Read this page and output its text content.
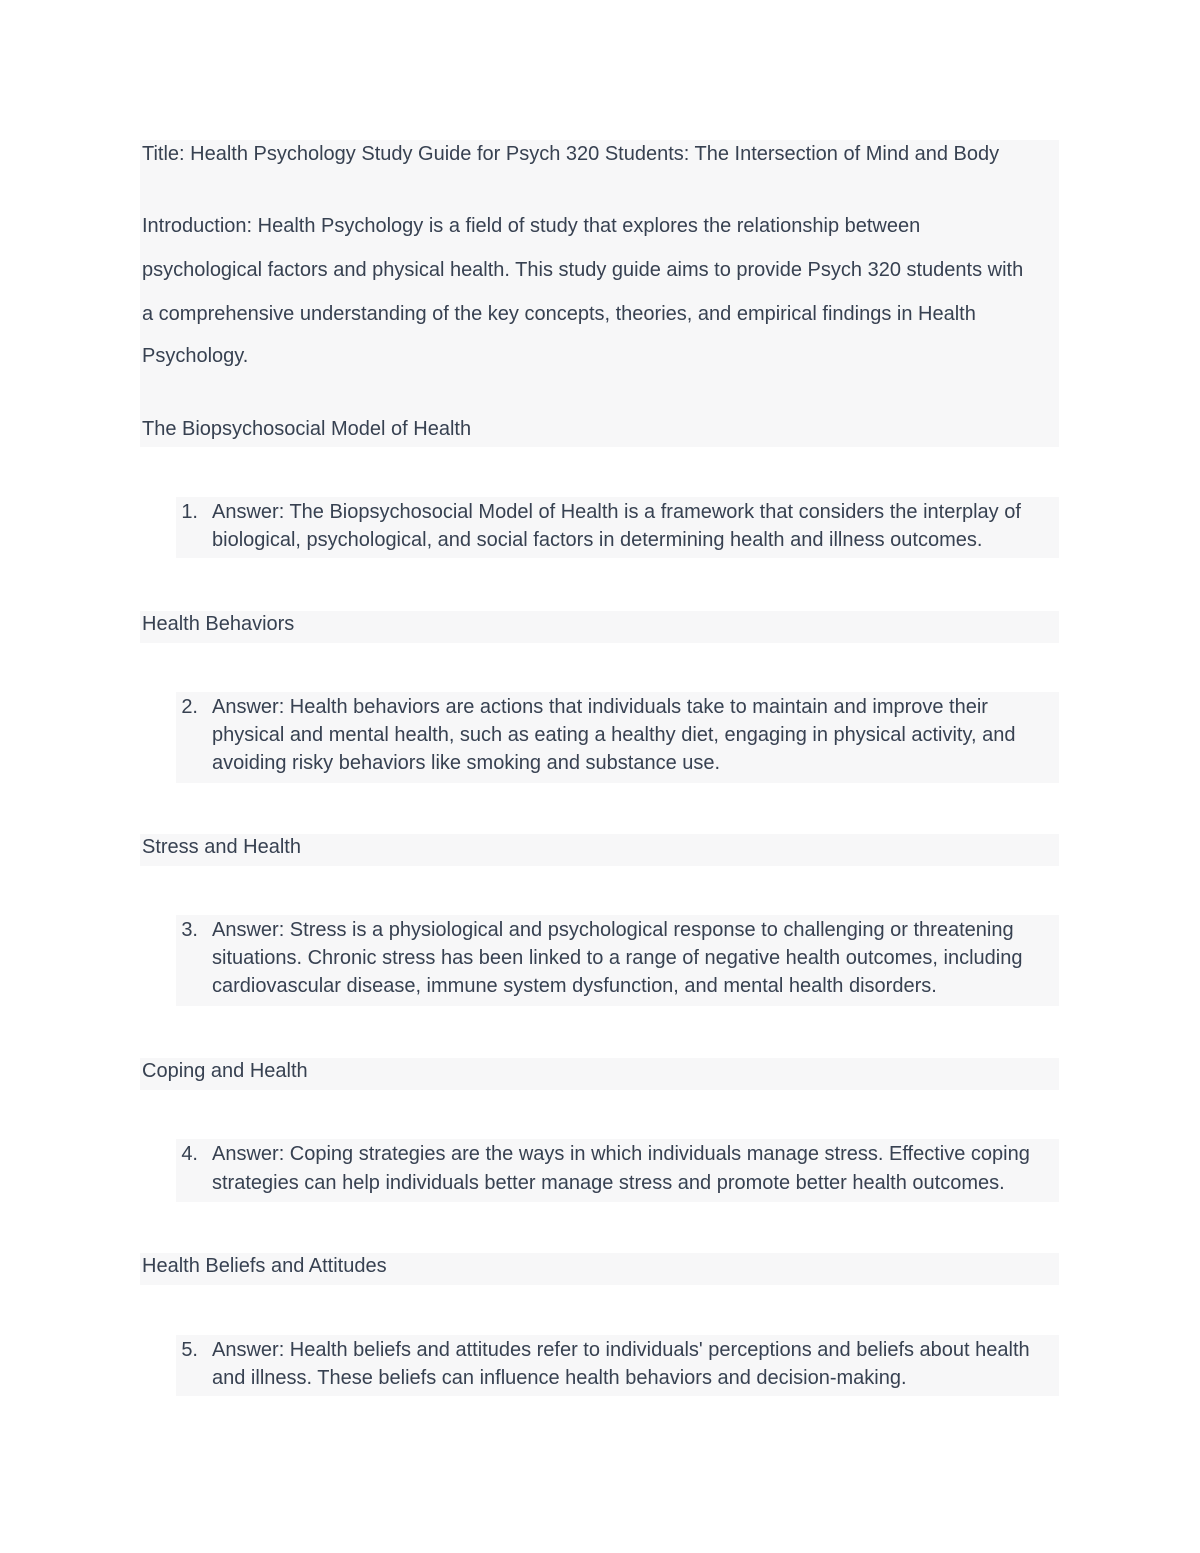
Title: Health Psychology Study Guide for Psych 320 Students: The Intersection of Mind and Body
Introduction: Health Psychology is a field of study that explores the relationship between
psychological factors and physical health. This study guide aims to provide Psych 320 students with
a comprehensive understanding of the key concepts, theories, and empirical findings in Health
Psychology.
The Biopsychosocial Model of Health
1. Answer: The Biopsychosocial Model of Health is a framework that considers the interplay of
biological, psychological, and social factors in determining health and illness outcomes.
Health Behaviors
2. Answer: Health behaviors are actions that individuals take to maintain and improve their
physical and mental health, such as eating a healthy diet, engaging in physical activity, and
avoiding risky behaviors like smoking and substance use.
Stress and Health
3. Answer: Stress is a physiological and psychological response to challenging or threatening
situations. Chronic stress has been linked to a range of negative health outcomes, including
cardiovascular disease, immune system dysfunction, and mental health disorders.
Coping and Health
4. Answer: Coping strategies are the ways in which individuals manage stress. Effective coping
strategies can help individuals better manage stress and promote better health outcomes.
Health Beliefs and Attitudes
5. Answer: Health beliefs and attitudes refer to individuals' perceptions and beliefs about health
and illness. These beliefs can influence health behaviors and decision-making.
